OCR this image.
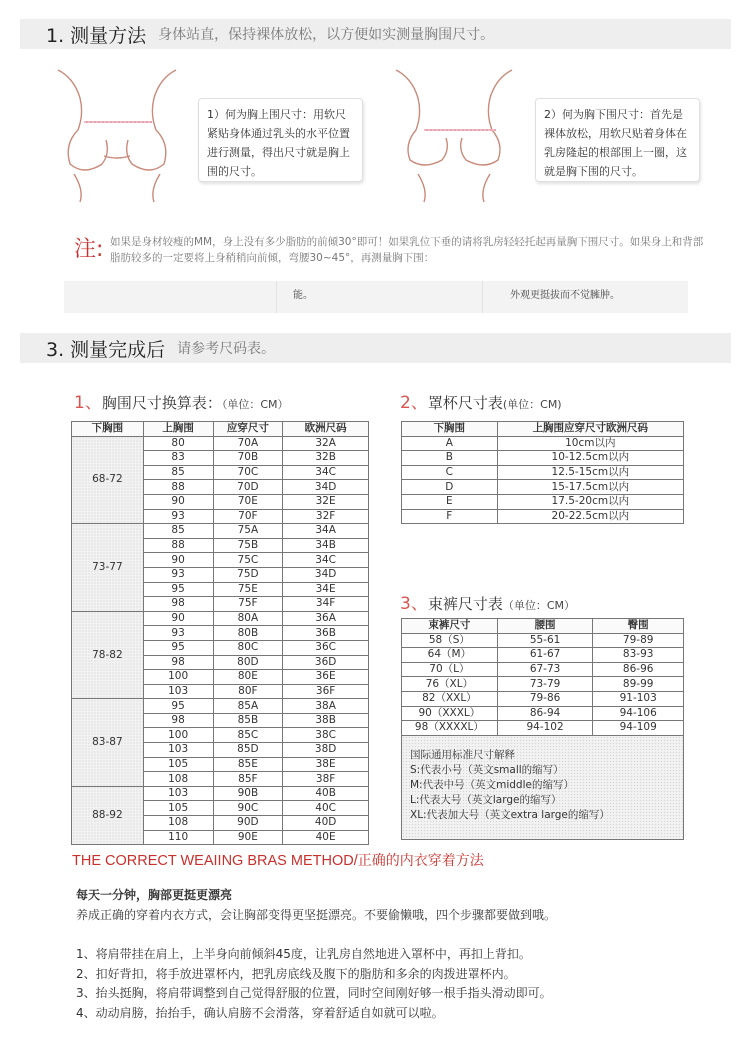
1. 测量方法 身体站直，保持裸体放松，以方便如实测量胸围尺寸。
1）何为胸上围尺寸：用软尺紧贴身体通过乳头的水平位置进行测量，得出尺寸就是胸上围的尺寸。
2）何为胸下围尺寸：首先是裸体放松，用软尺贴着身体在乳房隆起的根部围上一圈，这就是胸下围的尺寸。
注: 如果是身材较瘦的MM，身上没有多少脂肪的前倾30°即可！如果乳位下垂的请将乳房轻轻托起再量胸下围尺寸。如果身上和背部脂肪较多的一定要将上身稍稍向前倾，弯腰30~45°，再测量胸下围：
能。	外观更挺拔而不觉臃肿。
3. 测量完成后 请参考尺码表。
1、胸围尺寸换算表：（单位：CM）
下胸围	上胸围	应穿尺寸	欧洲尺码
68-72	80	70A	32A
	83	70B	32B
	85	70C	34C
	88	70D	34D
	90	70E	32E
	93	70F	32F
73-77	85	75A	34A
	88	75B	34B
	90	75C	34C
	93	75D	34D
	95	75E	34E
	98	75F	34F
78-82	90	80A	36A
	93	80B	36B
	95	80C	36C
	98	80D	36D
	100	80E	36E
	103	80F	36F
83-87	95	85A	38A
	98	85B	38B
	100	85C	38C
	103	85D	38D
	105	85E	38E
	108	85F	38F
88-92	103	90B	40B
	105	90C	40C
	108	90D	40D
	110	90E	40E
2、罩杯尺寸表(单位：CM)
下胸围	上胸围应穿尺寸欧洲尺码
A	10cm以内
B	10-12.5cm以内
C	12.5-15cm以内
D	15-17.5cm以内
E	17.5-20cm以内
F	20-22.5cm以内
3、束裤尺寸表（单位：CM）
束裤尺寸	腰围	臀围
58（S）	55-61	79-89
64（M）	61-67	83-93
70（L）	67-73	86-96
76（XL）	73-79	89-99
82（XXL）	79-86	91-103
90（XXXL）	86-94	94-106
98（XXXXL）	94-102	94-109
国际通用标准尺寸解释
S:代表小号（英文small的缩写）
M:代表中号（英文middle的缩写）
L:代表大号（英文large的缩写）
XL:代表加大号（英文extra large的缩写）
THE CORRECT WEAIING BRAS METHOD/正确的内衣穿着方法
每天一分钟，胸部更挺更漂亮
养成正确的穿着内衣方式，会让胸部变得更坚挺漂亮。不要偷懒哦，四个步骤都要做到哦。
1、将肩带挂在肩上，上半身向前倾斜45度，让乳房自然地进入罩杯中，再扣上背扣。
2、扣好背扣，将手放进罩杯内，把乳房底线及腹下的脂肪和多余的肉拨进罩杯内。
3、抬头挺胸，将肩带调整到自己觉得舒服的位置，同时空间刚好够一根手指头滑动即可。
4、动动肩膀，抬抬手，确认肩膀不会滑落，穿着舒适自如就可以啦。
